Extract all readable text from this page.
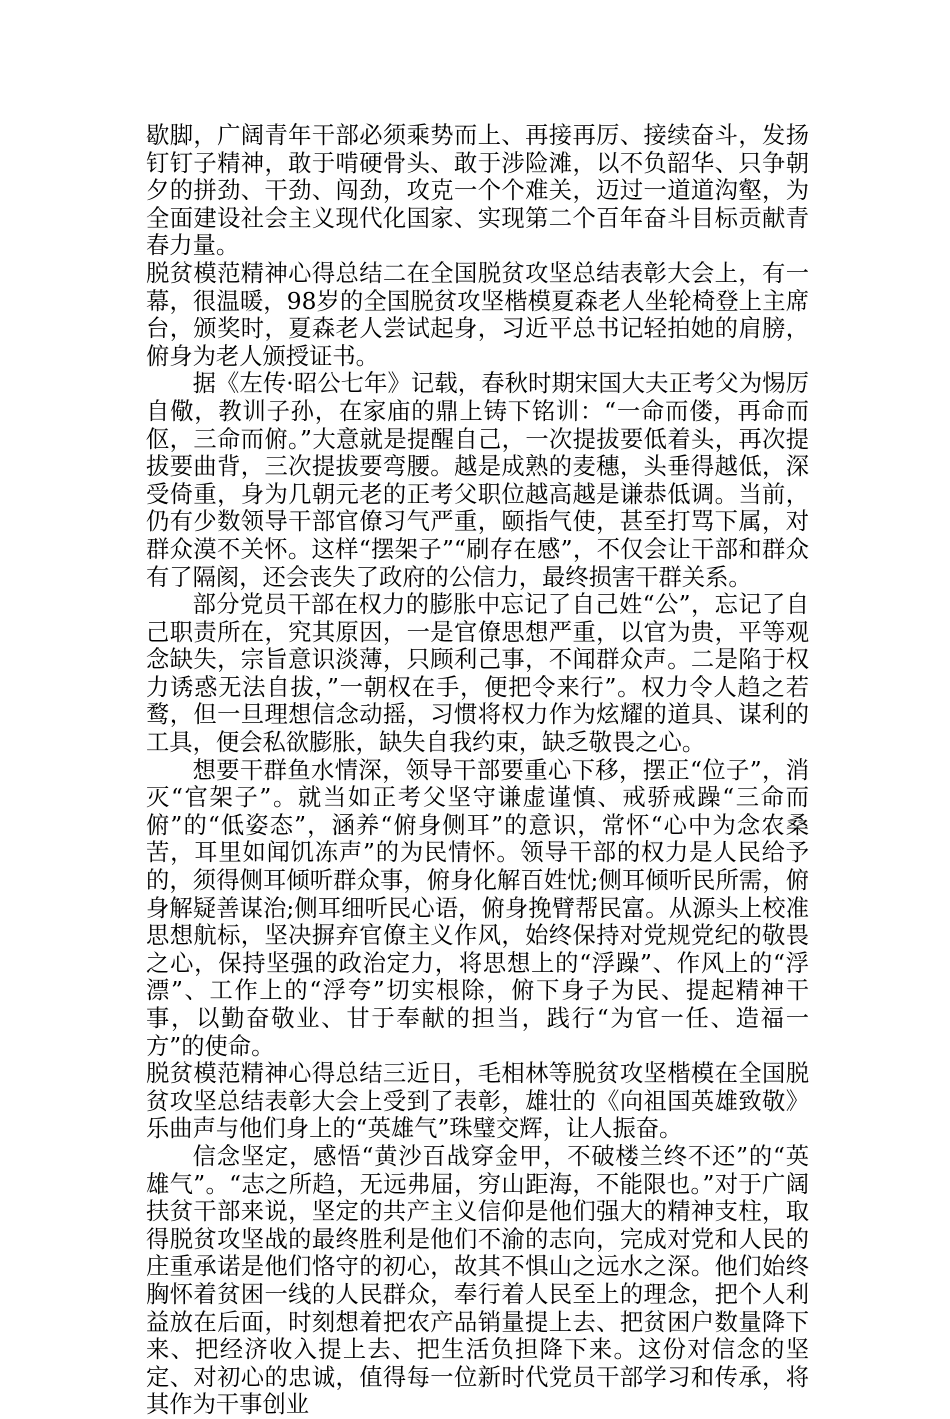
歇脚，广阔青年干部必须乘势而上、再接再厉、接续奋斗，发扬钉钉子精神，敢于啃硬骨头、敢于涉险滩，以不负韶华、只争朝夕的拼劲、干劲、闯劲，攻克一个个难关，迈过一道道沟壑，为全面建设社会主义现代化国家、实现第二个百年奋斗目标贡献青春力量。

脱贫模范精神心得总结二在全国脱贫攻坚总结表彰大会上，有一幕，很温暖，98岁的全国脱贫攻坚楷模夏森老人坐轮椅登上主席台，颁奖时，夏森老人尝试起身，习近平总书记轻拍她的肩膀，俯身为老人颁授证书。

据《左传·昭公七年》记载，春秋时期宋国大夫正考父为惕厉自儆，教训子孙，在家庙的鼎上铸下铭训：“一命而偻，再命而伛，三命而俯。”大意就是提醒自己，一次提拔要低着头，再次提拔要曲背，三次提拔要弯腰。越是成熟的麦穗，头垂得越低，深受倚重，身为几朝元老的正考父职位越高越是谦恭低调。当前，仍有少数领导干部官僚习气严重，颐指气使，甚至打骂下属，对群众漠不关怀。这样“摆架子”“刷存在感”，不仅会让干部和群众有了隔阂，还会丧失了政府的公信力，最终损害干群关系。

部分党员干部在权力的膨胀中忘记了自己姓“公”，忘记了自己职责所在，究其原因，一是官僚思想严重，以官为贵，平等观念缺失，宗旨意识淡薄，只顾利己事，不闻群众声。二是陷于权力诱惑无法自拔，”一朝权在手，便把令来行”。权力令人趋之若鹜，但一旦理想信念动摇，习惯将权力作为炫耀的道具、谋利的工具，便会私欲膨胀，缺失自我约束，缺乏敬畏之心。

想要干群鱼水情深，领导干部要重心下移，摆正“位子”，消灭“官架子”。就当如正考父坚守谦虚谨慎、戒骄戒躁“三命而俯”的“低姿态”，涵养“俯身侧耳”的意识，常怀“心中为念农桑苦，耳里如闻饥冻声”的为民情怀。领导干部的权力是人民给予的，须得侧耳倾听群众事，俯身化解百姓忧;侧耳倾听民所需，俯身解疑善谋治;侧耳细听民心语，俯身挽臂帮民富。从源头上校准思想航标，坚决摒弃官僚主义作风，始终保持对党规党纪的敬畏之心，保持坚强的政治定力，将思想上的“浮躁”、作风上的“浮漂”、工作上的“浮夸”切实根除，俯下身子为民、提起精神干事，以勤奋敬业、甘于奉献的担当，践行“为官一任、造福一方”的使命。

脱贫模范精神心得总结三近日，毛相林等脱贫攻坚楷模在全国脱贫攻坚总结表彰大会上受到了表彰，雄壮的《向祖国英雄致敬》乐曲声与他们身上的“英雄气”珠璧交辉，让人振奋。

信念坚定，感悟“黄沙百战穿金甲，不破楼兰终不还”的“英雄气”。“志之所趋，无远弗届，穷山距海，不能限也。”对于广阔扶贫干部来说，坚定的共产主义信仰是他们强大的精神支柱，取得脱贫攻坚战的最终胜利是他们不渝的志向，完成对党和人民的庄重承诺是他们恪守的初心，故其不惧山之远水之深。他们始终胸怀着贫困一线的人民群众，奉行着人民至上的理念，把个人利益放在后面，时刻想着把农产品销量提上去、把贫困户数量降下来、把经济收入提上去、把生活负担降下来。这份对信念的坚定、对初心的忠诚，值得每一位新时代党员干部学习和传承，将其作为干事创业
